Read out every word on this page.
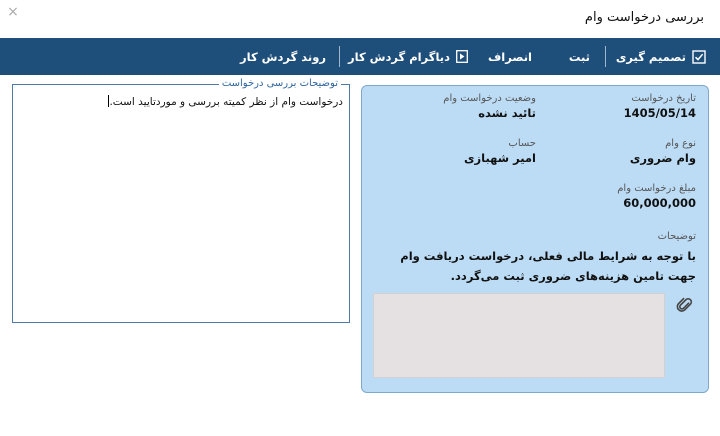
بررسی درخواست وام
×
تصمیم گیری
ثبت
انصراف
دیاگرام گردش کار
روند گردش کار
تاریخ درخواست
1405/05/14
وضعیت درخواست وام
تائید نشده
نوع وام
وام ضروری
حساب
امیر شهبازی
مبلغ درخواست وام
60,000,000
توضیحات
با توجه به شرایط مالی فعلی، درخواست دریافت وام جهت تامین هزینه‌های ضروری ثبت می‌گردد.
توضیحات بررسی درخواست
درخواست وام از نظر کمیته بررسی و موردتایید است.
